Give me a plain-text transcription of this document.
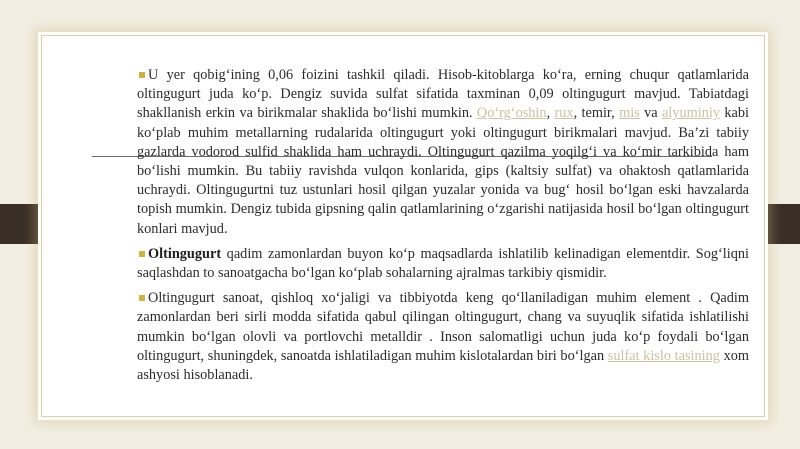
U yer qobig‘ining 0,06 foizini tashkil qiladi. Hisob-kitoblarga ko‘ra, erning chuqur qatlamlarida oltingugurt juda ko‘p. Dengiz suvida sulfat sifatida taxminan 0,09 oltingugurt mavjud. Tabiatdagi shakllanish erkin va birikmalar shaklida bo‘lishi mumkin. Qo‘rg‘oshin, rux, temir, mis va alyuminiy kabi ko‘plab muhim metallarning rudalarida oltingugurt yoki oltingugurt birikmalari mavjud. Ba’zi tabiiy gazlarda vodorod sulfid shaklida ham uchraydi. Oltingugurt qazilma yoqilg‘i va ko‘mir tarkibida ham bo‘lishi mumkin. Bu tabiiy ravishda vulqon konlarida, gips (kaltsiy sulfat) va ohaktosh qatlamlarida uchraydi. Oltingugurtni tuz ustunlari hosil qilgan yuzalar yonida va bug‘ hosil bo‘lgan eski havzalarda topish mumkin. Dengiz tubida gipsning qalin qatlamlarining o‘zgarishi natijasida hosil bo‘lgan oltingugurt konlari mavjud.

Oltingugurt qadim zamonlardan buyon ko‘p maqsadlarda ishlatilib kelinadigan elementdir. Sog‘liqni saqlashdan to sanoatgacha bo‘lgan ko‘plab sohalarning ajralmas tarkibiy qismidir.

Oltingugurt sanoat, qishloq xo‘jaligi va tibbiyotda keng qo‘llaniladigan muhim element . Qadim zamonlardan beri sirli modda sifatida qabul qilingan oltingugurt, chang va suyuqlik sifatida ishlatilishi mumkin bo‘lgan olovli va portlovchi metalldir . Inson salomatligi uchun juda ko‘p foydali bo‘lgan oltingugurt, shuningdek, sanoatda ishlatiladigan muhim kislotalardan biri bo‘lgan sulfat kislo tasining xom ashyosi hisoblanadi.
